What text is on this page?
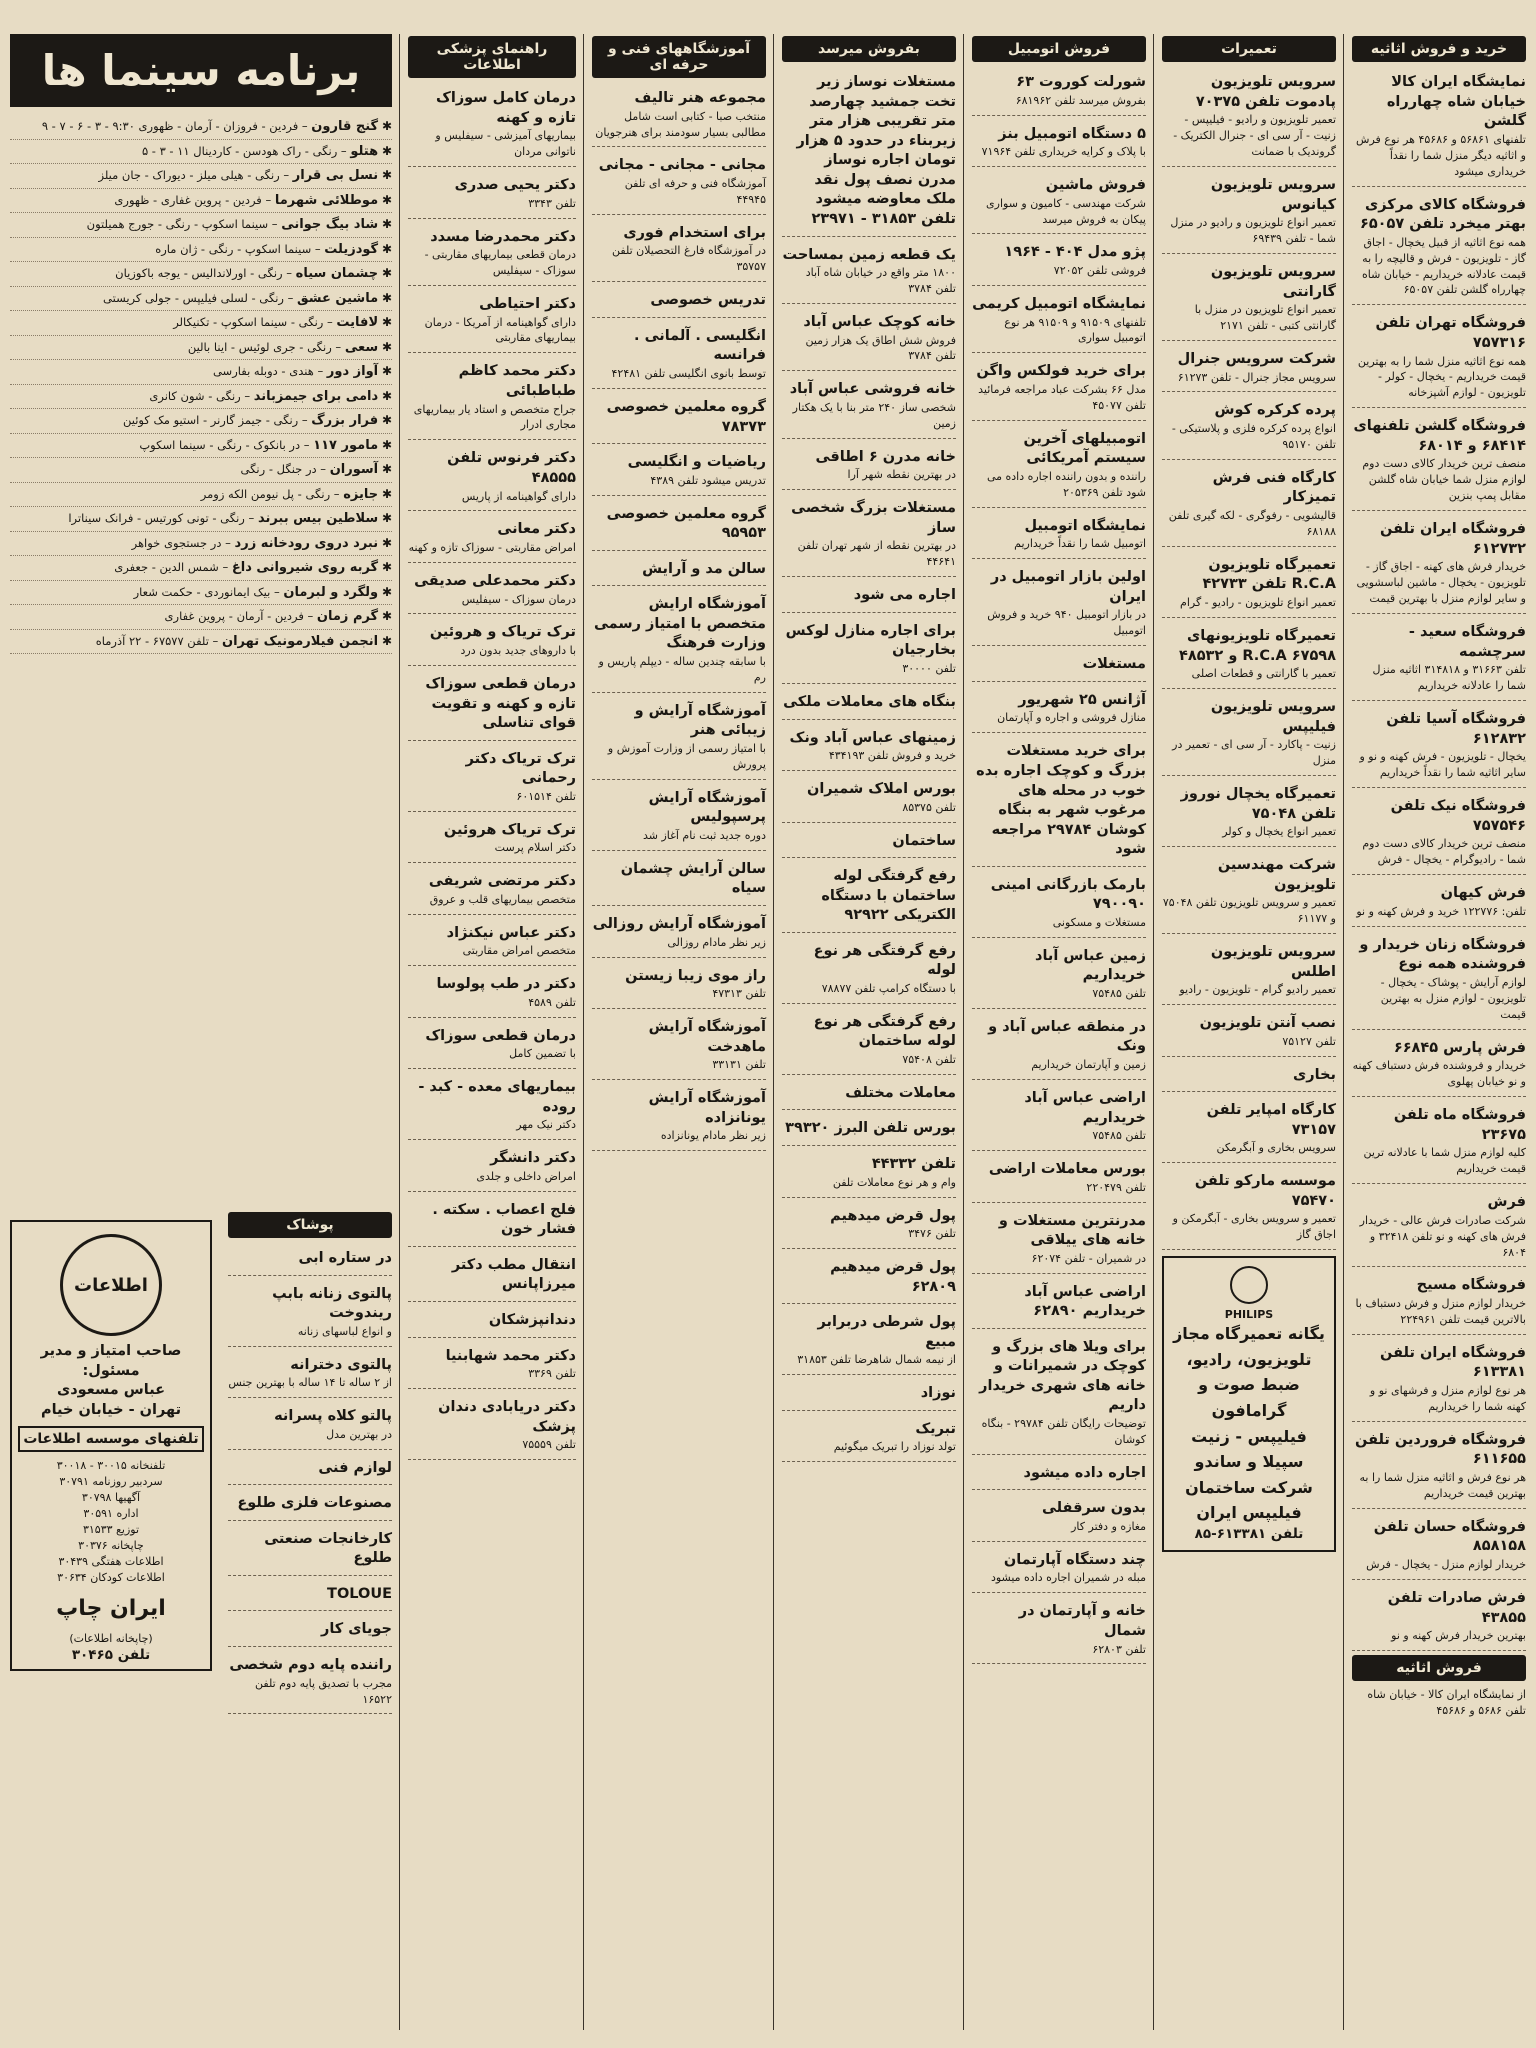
خرید و فروش اثاثیه
نمایشگاه ایران کالا خیابان شاه چهارراه گلشن
تلفنهای ۵۶۸۶۱ و ۴۵۶۸۶ هر نوع فرش و اثاثیه دیگر منزل شما را نقداً خریداری میشود
فروشگاه کالای مرکزی بهتر میخرد تلفن ۶۵۰۵۷
همه نوع اثاثیه از قبیل یخچال - اجاق گاز - تلویزیون - فرش و قالیچه را به قیمت عادلانه خریداریم - خیابان شاه چهارراه گلشن تلفن ۶۵۰۵۷
فروشگاه تهران تلفن ۷۵۷۳۱۶
همه نوع اثاثیه منزل شما را به بهترین قیمت خریداریم - یخچال - کولر - تلویزیون - لوازم آشپزخانه
فروشگاه گلشن تلفنهای ۶۸۴۱۴ و ۶۸۰۱۴
منصف ترین خریدار کالای دست دوم لوازم منزل شما خیابان شاه گلشن مقابل پمپ بنزین
فروشگاه ایران تلفن ۶۱۲۷۳۲
خریدار فرش های کهنه - اجاق گاز - تلویزیون - یخچال - ماشین لباسشویی و سایر لوازم منزل با بهترین قیمت
فروشگاه سعید - سرچشمه
تلفن ۳۱۶۶۳ و ۳۱۴۸۱۸ اثاثیه منزل شما را عادلانه خریداریم
فروشگاه آسیا تلفن ۶۱۲۸۳۲
یخچال - تلویزیون - فرش کهنه و نو و سایر اثاثیه شما را نقداً خریداریم
فروشگاه نیک تلفن ۷۵۷۵۴۶
منصف ترین خریدار کالای دست دوم شما - رادیوگرام - یخچال - فرش
فرش کیهان
تلفن: ۱۲۲۷۷۶ خرید و فرش کهنه و نو
فروشگاه زنان خریدار و فروشنده همه نوع
لوازم آرایش - پوشاک - یخچال - تلویزیون - لوازم منزل به بهترین قیمت
فرش پارس ۶۶۸۴۵
خریدار و فروشنده فرش دستباف کهنه و نو خیابان پهلوی
فروشگاه ماه تلفن ۲۳۶۷۵
کلیه لوازم منزل شما با عادلانه ترین قیمت خریداریم
فرش
شرکت صادرات فرش عالی - خریدار فرش های کهنه و نو تلفن ۳۲۴۱۸ و ۶۸۰۴
فروشگاه مسیح
خریدار لوازم منزل و فرش دستباف با بالاترین قیمت تلفن ۲۲۴۹۶۱
فروشگاه ایران تلفن ۶۱۳۳۸۱
هر نوع لوازم منزل و فرشهای نو و کهنه شما را خریداریم
فروشگاه فروردین تلفن ۶۱۱۶۵۵
هر نوع فرش و اثاثیه منزل شما را به بهترین قیمت خریداریم
فروشگاه حسان تلفن ۸۵۸۱۵۸
خریدار لوازم منزل - یخچال - فرش
فرش صادرات تلفن ۴۳۸۵۵
بهترین خریدار فرش کهنه و نو
فروش اثاثیه
از نمایشگاه ایران کالا - خیابان شاه تلفن ۵۶۸۶ و ۴۵۶۸۶
تعمیرات
سرویس تلویزیون پادموت تلفن ۷۰۳۷۵
تعمیر تلویزیون و رادیو - فیلیپس - زنیت - آر سی ای - جنرال الکتریک - گروندیک با ضمانت
سرویس تلویزیون کیانوس
تعمیر انواع تلویزیون و رادیو در منزل شما - تلفن ۶۹۴۳۹
سرویس تلویزیون گارانتی
تعمیر انواع تلویزیون در منزل با گارانتی کتبی - تلفن ۲۱۷۱
شرکت سرویس جنرال
سرویس مجاز جنرال - تلفن ۶۱۲۷۳
پرده کرکره کوش
انواع پرده کرکره فلزی و پلاستیکی - تلفن ۹۵۱۷۰
کارگاه فنی فرش تمیزکار
قالیشویی - رفوگری - لکه گیری تلفن ۶۸۱۸۸
تعمیرگاه تلویزیون R.C.A تلفن ۴۲۷۳۳
تعمیر انواع تلویزیون - رادیو - گرام
تعمیرگاه تلویزیونهای R.C.A ۶۷۵۹۸ و ۴۸۵۳۲
تعمیر با گارانتی و قطعات اصلی
سرویس تلویزیون فیلیپس
زنیت - پاکارد - آر سی ای - تعمیر در منزل
تعمیرگاه یخچال نوروز تلفن ۷۵۰۴۸
تعمیر انواع یخچال و کولر
شرکت مهندسین تلویزیون
تعمیر و سرویس تلویزیون تلفن ۷۵۰۴۸ و ۶۱۱۷۷
سرویس تلویزیون اطلس
تعمیر رادیو گرام - تلویزیون - رادیو
نصب آنتن تلویزیون
تلفن ۷۵۱۲۷
بخاری
کارگاه امپایر تلفن ۷۳۱۵۷
سرویس بخاری و آبگرمکن
موسسه مارکو تلفن ۷۵۴۷۰
تعمیر و سرویس بخاری - آبگرمکن و اجاق گاز
PHILIPS
یگانه تعمیرگاه مجاز
تلویزیون، رادیو، ضبط صوت و گرامافون
فیلیپس - زنیت
سپیلا و ساندو
شرکت ساختمان فیلیپس ایران
تلفن ۶۱۳۳۸۱-۸۵
فروش اتومبیل
شورلت کوروت ۶۳
بفروش میرسد تلفن ۶۸۱۹۶۲
۵ دستگاه اتومبیل بنز
با پلاک و کرایه خریداری تلفن ۷۱۹۶۴
فروش ماشین
شرکت مهندسی - کامیون و سواری پیکان به فروش میرسد
پژو مدل ۴۰۴ - ۱۹۶۴
فروشی تلفن ۷۲۰۵۲
نمایشگاه اتومبیل کریمی
تلفنهای ۹۱۵۰۹ و ۹۱۵۰۹ هر نوع اتومبیل سواری
برای خرید فولکس واگن
مدل ۶۶ بشرکت عباد مراجعه فرمائید تلفن ۴۵۰۷۷
اتومبیلهای آخرین سیستم آمریکائی
راننده و بدون راننده اجاره داده می شود تلفن ۲۰۵۳۶۹
نمایشگاه اتومبیل
اتومبیل شما را نقداً خریداریم
اولین بازار اتومبیل در ایران
در بازار اتومبیل ۹۴۰ خرید و فروش اتومبیل
مستغلات
آژانس ۲۵ شهریور
منازل فروشی و اجاره و آپارتمان
برای خرید مستغلات بزرگ و کوچک اجاره بده خوب در محله های مرغوب شهر به بنگاه کوشان ۲۹۷۸۴ مراجعه شود
بارمک بازرگانی امینی ۷۹۰۰۹۰
مستغلات و مسکونی
زمین عباس آباد خریداریم
تلفن ۷۵۴۸۵
در منطقه عباس آباد و ونک
زمین و آپارتمان خریداریم
اراضی عباس آباد خریداریم
تلفن ۷۵۴۸۵
بورس معاملات اراضی
تلفن ۲۲۰۴۷۹
مدرنترین مستغلات و خانه های ییلاقی
در شمیران - تلفن ۶۲۰۷۴
اراضی عباس آباد خریداریم ۶۲۸۹۰
برای ویلا های بزرگ و کوچک در شمیرانات و خانه های شهری خریدار داریم
توضیحات رایگان تلفن ۲۹۷۸۴ - بنگاه کوشان
اجاره داده میشود
بدون سرقفلی
مغازه و دفتر کار
چند دستگاه آپارتمان
مبله در شمیران اجاره داده میشود
خانه و آپارتمان در شمال
تلفن ۶۲۸۰۳
بفروش میرسد
مستغلات نوساز زیر تخت جمشید چهارصد متر تقریبی هزار متر زیربناء در حدود ۵ هزار تومان اجاره نوساز مدرن نصف پول نقد ملک معاوضه میشود تلفن ۳۱۸۵۳ - ۲۳۹۷۱
یک قطعه زمین بمساحت
۱۸۰۰ متر واقع در خیابان شاه آباد تلفن ۳۷۸۴
خانه کوچک عباس آباد
فروش شش اطاق یک هزار زمین تلفن ۳۷۸۴
خانه فروشی عباس آباد
شخصی ساز ۲۴۰ متر بنا با یک هکتار زمین
خانه مدرن ۶ اطاقی
در بهترین نقطه شهر آرا
مستغلات بزرگ شخصی ساز
در بهترین نقطه از شهر تهران تلفن ۴۴۶۴۱
اجاره می شود
برای اجاره منازل لوکس بخارجیان
تلفن ۳۰۰۰۰
بنگاه های معاملات ملکی
زمینهای عباس آباد ونک
خرید و فروش تلفن ۴۳۴۱۹۳
بورس املاک شمیران
تلفن ۸۵۳۷۵
ساختمان
رفع گرفتگی لوله ساختمان با دستگاه الکتریکی ۹۲۹۲۲
رفع گرفتگی هر نوع لوله
با دستگاه کرامپ تلفن ۷۸۸۷۷
رفع گرفتگی هر نوع لوله ساختمان
تلفن ۷۵۴۰۸
معاملات مختلف
بورس تلفن البرز ۳۹۳۲۰
تلفن ۴۴۳۳۲
وام و هر نوع معاملات تلفن
پول قرض میدهیم
تلفن ۳۴۷۶
پول قرض میدهیم ۶۲۸۰۹
پول شرطی دربرابر مبیع
از نیمه شمال شاهرضا تلفن ۳۱۸۵۳
نوزاد
تبریک
تولد نوزاد را تبریک میگوئیم
آموزشگاههای فنی و حرفه ای
مجموعه هنر تالیف
منتخب صبا - کتابی است شامل مطالبی بسیار سودمند برای هنرجویان
مجانی - مجانی - مجانی
آموزشگاه فنی و حرفه ای تلفن ۴۴۹۴۵
برای استخدام فوری
در آموزشگاه فارغ التحصیلان تلفن ۳۵۷۵۷
تدریس خصوصی
انگلیسی . آلمانی . فرانسه
توسط بانوی انگلیسی تلفن ۴۲۴۸۱
گروه معلمین خصوصی ۷۸۳۷۳
ریاضیات و انگلیسی
تدریس میشود تلفن ۴۳۸۹
گروه معلمین خصوصی ۹۵۹۵۳
سالن مد و آرایش
آموزشگاه ارایش متخصص با امتیاز رسمی وزارت فرهنگ
با سابقه چندین ساله - دیپلم پاریس و رم
آموزشگاه آرایش و زیبائی هنر
با امتیاز رسمی از وزارت آموزش و پرورش
آموزشگاه آرایش پرسپولیس
دوره جدید ثبت نام آغاز شد
سالن آرایش چشمان سیاه
آموزشگاه آرایش روزالی
زیر نظر مادام روزالی
راز موی زیبا زیستن
تلفن ۴۷۳۱۳
آموزشگاه آرایش ماهدخت
تلفن ۳۳۱۳۱
آموزشگاه آرایش یونانزاده
زیر نظر مادام یونانزاده
راهنمای پزشکی اطلاعات
درمان کامل سوزاک تازه و کهنه
بیماریهای آمیزشی - سیفلیس و ناتوانی مردان
دکتر یحیی صدری
تلفن ۳۳۴۳
دکتر محمدرضا مسدد
درمان قطعی بیماریهای مقاربتی - سوزاک - سیفلیس
دکتر احتیاطی
دارای گواهینامه از آمریکا - درمان بیماریهای مقاربتی
دکتر محمد کاظم طباطبائی
جراح متخصص و استاد یار بیماریهای مجاری ادرار
دکتر فرنوس تلفن ۴۸۵۵۵
دارای گواهینامه از پاریس
دکتر معانی
امراض مقاربتی - سوزاک تازه و کهنه
دکتر محمدعلی صدیقی
درمان سوزاک - سیفلیس
ترک تریاک و هروئین
با داروهای جدید بدون درد
درمان قطعی سوزاک تازه و کهنه و تقویت قوای تناسلی
ترک تریاک دکتر رحمانی
تلفن ۶۰۱۵۱۴
ترک تریاک هروئین
دکتر اسلام پرست
دکتر مرتضی شریفی
متخصص بیماریهای قلب و عروق
دکتر عباس نیکنژاد
متخصص امراض مقاربتی
دکتر در طب پولوسا
تلفن ۴۵۸۹
درمان قطعی سوزاک
با تضمین کامل
بیماریهای معده - کبد - روده
دکتر نیک مهر
دکتر دانشگر
امراض داخلی و جلدی
فلج اعصاب . سکته . فشار خون
انتقال مطب دکتر میرزاپانس
دندانپزشکان
دکتر محمد شهابنیا
تلفن ۳۳۶۹
دکتر دریابادی دندان پزشک
تلفن ۷۵۵۵۹
پوشاک
در ستاره ابی
پالتوی زنانه بابپ ریندوخت
و انواع لباسهای زنانه
پالتوی دخترانه
از ۲ ساله تا ۱۴ ساله با بهترین جنس
پالتو کلاه پسرانه
در بهترین مدل
لوازم فنی
مصنوعات فلزی طلوع
کارخانجات صنعتی طلوع
TOLOUE
جویای کار
راننده پایه دوم شخصی
مجرب با تصدیق پایه دوم تلفن ۱۶۵۲۲
برنامه سینما ها
✱ گنج قارون – فردین - فروزان - آرمان - ظهوری ۹:۳۰ - ۳ - ۶ - ۷ - ۹
✱ هتلو – رنگی - راک هودسن - کاردینال ۱۱ - ۳ - ۵
✱ نسل بی قرار – رنگی - هیلی میلز - دیوراک - جان میلز
✱ موطلائی شهرما – فردین - پروین غفاری - ظهوری
✱ شاد بیگ جوانی – سینما اسکوپ - رنگی - جورج همیلتون
✱ گودزیلت – سینما اسکوپ - رنگی - ژان ماره
✱ چشمان سیاه – رنگی - اورلاندالیس - یوجه باکوزیان
✱ ماشین عشق – رنگی - لسلی فیلیپس - جولی کریستی
✱ لافایت – رنگی - سینما اسکوپ - تکنیکالر
✱ سعی – رنگی - جری لوئیس - اینا بالین
✱ آواز دور – هندی - دوبله بفارسی
✱ دامی برای جیمزباند – رنگی - شون کانری
✱ فرار بزرگ – رنگی - جیمز گارنر - استیو مک کوئین
✱ مامور ۱۱۷ – در بانکوک - رنگی - سینما اسکوپ
✱ آسوران – در جنگل - رنگی
✱ جایزه – رنگی - پل نیومن الکه زومر
✱ سلاطین بیس ببرند – رنگی - تونی کورتیس - فرانک سیناترا
✱ نبرد دروی رودخانه زرد – در جستجوی خواهر
✱ گربه روی شیروانی داغ – شمس الدین - جعفری
✱ ولگرد و لبرمان – بیک ایمانوردی - حکمت شعار
✱ گرم زمان – فردین - آرمان - پروین غفاری
✱ انجمن فیلارمونیک تهران – تلفن ۶۷۵۷۷ - ۲۲ آذرماه
اطلاعات
صاحب امتیاز و مدیر مسئول:
عباس مسعودی
تهران - خیابان خیام
تلفنهای موسسه اطلاعات
تلفنخانه ۳۰۰۱۵ - ۳۰۰۱۸
سردبیر روزنامه ۳۰۷۹۱
آگهیها ۳۰۷۹۸
اداره ۳۰۵۹۱
توزیع ۳۱۵۳۳
چاپخانه ۳۰۳۷۶
اطلاعات هفتگی ۳۰۴۳۹
اطلاعات کودکان ۳۰۶۳۴
ایران چاپ
(چاپخانه اطلاعات)
تلفن ۳۰۴۶۵
